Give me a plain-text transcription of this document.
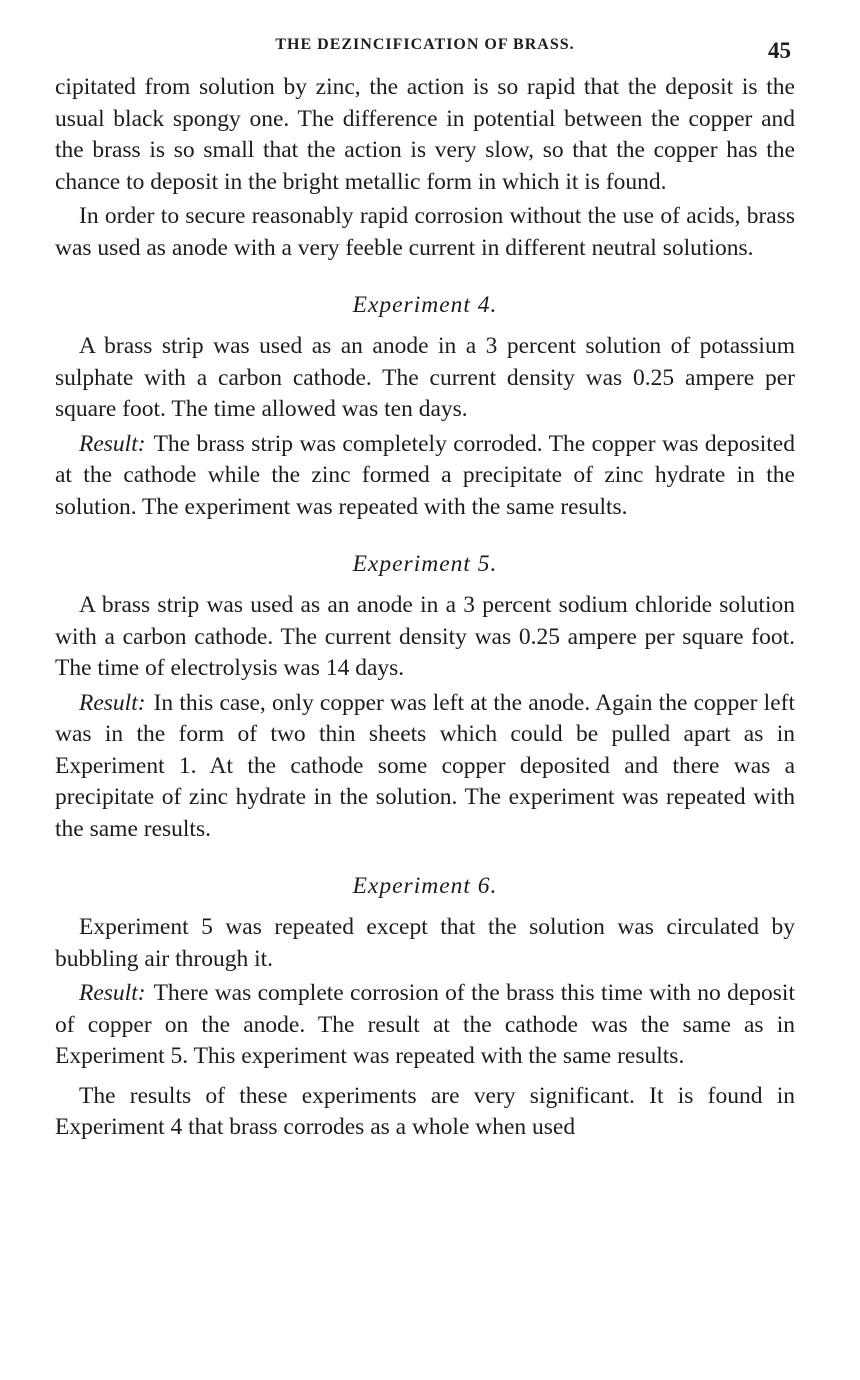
THE DEZINCIFICATION OF BRASS.	45

cipitated from solution by zinc, the action is so rapid that the deposit is the usual black spongy one. The difference in potential between the copper and the brass is so small that the action is very slow, so that the copper has the chance to deposit in the bright metallic form in which it is found.

In order to secure reasonably rapid corrosion without the use of acids, brass was used as anode with a very feeble current in different neutral solutions.

Experiment 4.

A brass strip was used as an anode in a 3 percent solution of potassium sulphate with a carbon cathode. The current density was 0.25 ampere per square foot. The time allowed was ten days.

Result: The brass strip was completely corroded. The copper was deposited at the cathode while the zinc formed a precipitate of zinc hydrate in the solution. The experiment was repeated with the same results.

Experiment 5.

A brass strip was used as an anode in a 3 percent sodium chloride solution with a carbon cathode. The current density was 0.25 ampere per square foot. The time of electrolysis was 14 days.

Result: In this case, only copper was left at the anode. Again the copper left was in the form of two thin sheets which could be pulled apart as in Experiment 1. At the cathode some copper deposited and there was a precipitate of zinc hydrate in the solution. The experiment was repeated with the same results.

Experiment 6.

Experiment 5 was repeated except that the solution was circulated by bubbling air through it.

Result: There was complete corrosion of the brass this time with no deposit of copper on the anode. The result at the cathode was the same as in Experiment 5. This experiment was repeated with the same results.

The results of these experiments are very significant. It is found in Experiment 4 that brass corrodes as a whole when used
